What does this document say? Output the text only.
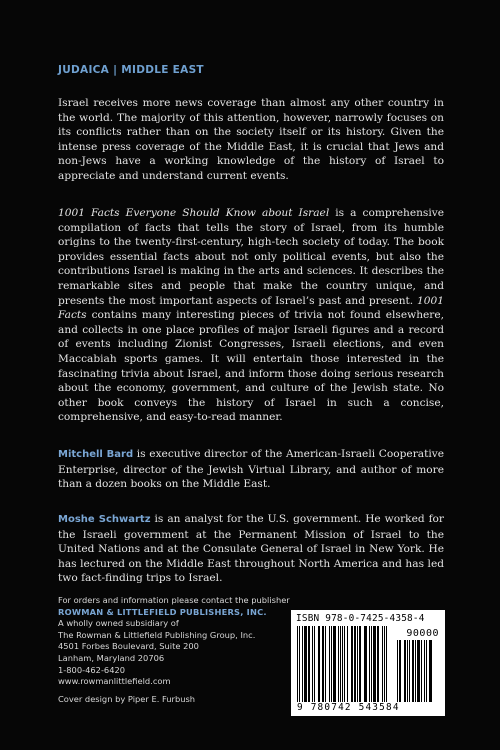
JUDAICA | MIDDLE EAST

Israel receives more news coverage than almost any other country in the world. The majority of this attention, however, narrowly focuses on its conflicts rather than on the society itself or its history. Given the intense press coverage of the Middle East, it is crucial that Jews and non-Jews have a working knowledge of the history of Israel to appreciate and understand current events.

1001 Facts Everyone Should Know about Israel is a comprehensive compilation of facts that tells the story of Israel, from its humble origins to the twenty-first-century, high-tech society of today. The book provides essential facts about not only political events, but also the contributions Israel is making in the arts and sciences. It describes the remarkable sites and people that make the country unique, and presents the most important aspects of Israel’s past and present. 1001 Facts contains many interesting pieces of trivia not found elsewhere, and collects in one place profiles of major Israeli figures and a record of events including Zionist Congresses, Israeli elections, and even Maccabiah sports games. It will entertain those interested in the fascinating trivia about Israel, and inform those doing serious research about the economy, government, and culture of the Jewish state. No other book conveys the history of Israel in such a concise, comprehensive, and easy-to-read manner.

Mitchell Bard is executive director of the American-Israeli Cooperative Enterprise, director of the Jewish Virtual Library, and author of more than a dozen books on the Middle East.

Moshe Schwartz is an analyst for the U.S. government. He worked for the Israeli government at the Permanent Mission of Israel to the United Nations and at the Consulate General of Israel in New York. He has lectured on the Middle East throughout North America and has led two fact-finding trips to Israel.

For orders and information please contact the publisher
ROWMAN & LITTLEFIELD PUBLISHERS, INC.
A wholly owned subsidiary of
The Rowman & Littlefield Publishing Group, Inc.
4501 Forbes Boulevard, Suite 200
Lanham, Maryland 20706
1-800-462-6420
www.rowmanlittlefield.com
Cover design by Piper E. Furbush
ISBN 978-0-7425-4358-4
90000
9 780742 543584
